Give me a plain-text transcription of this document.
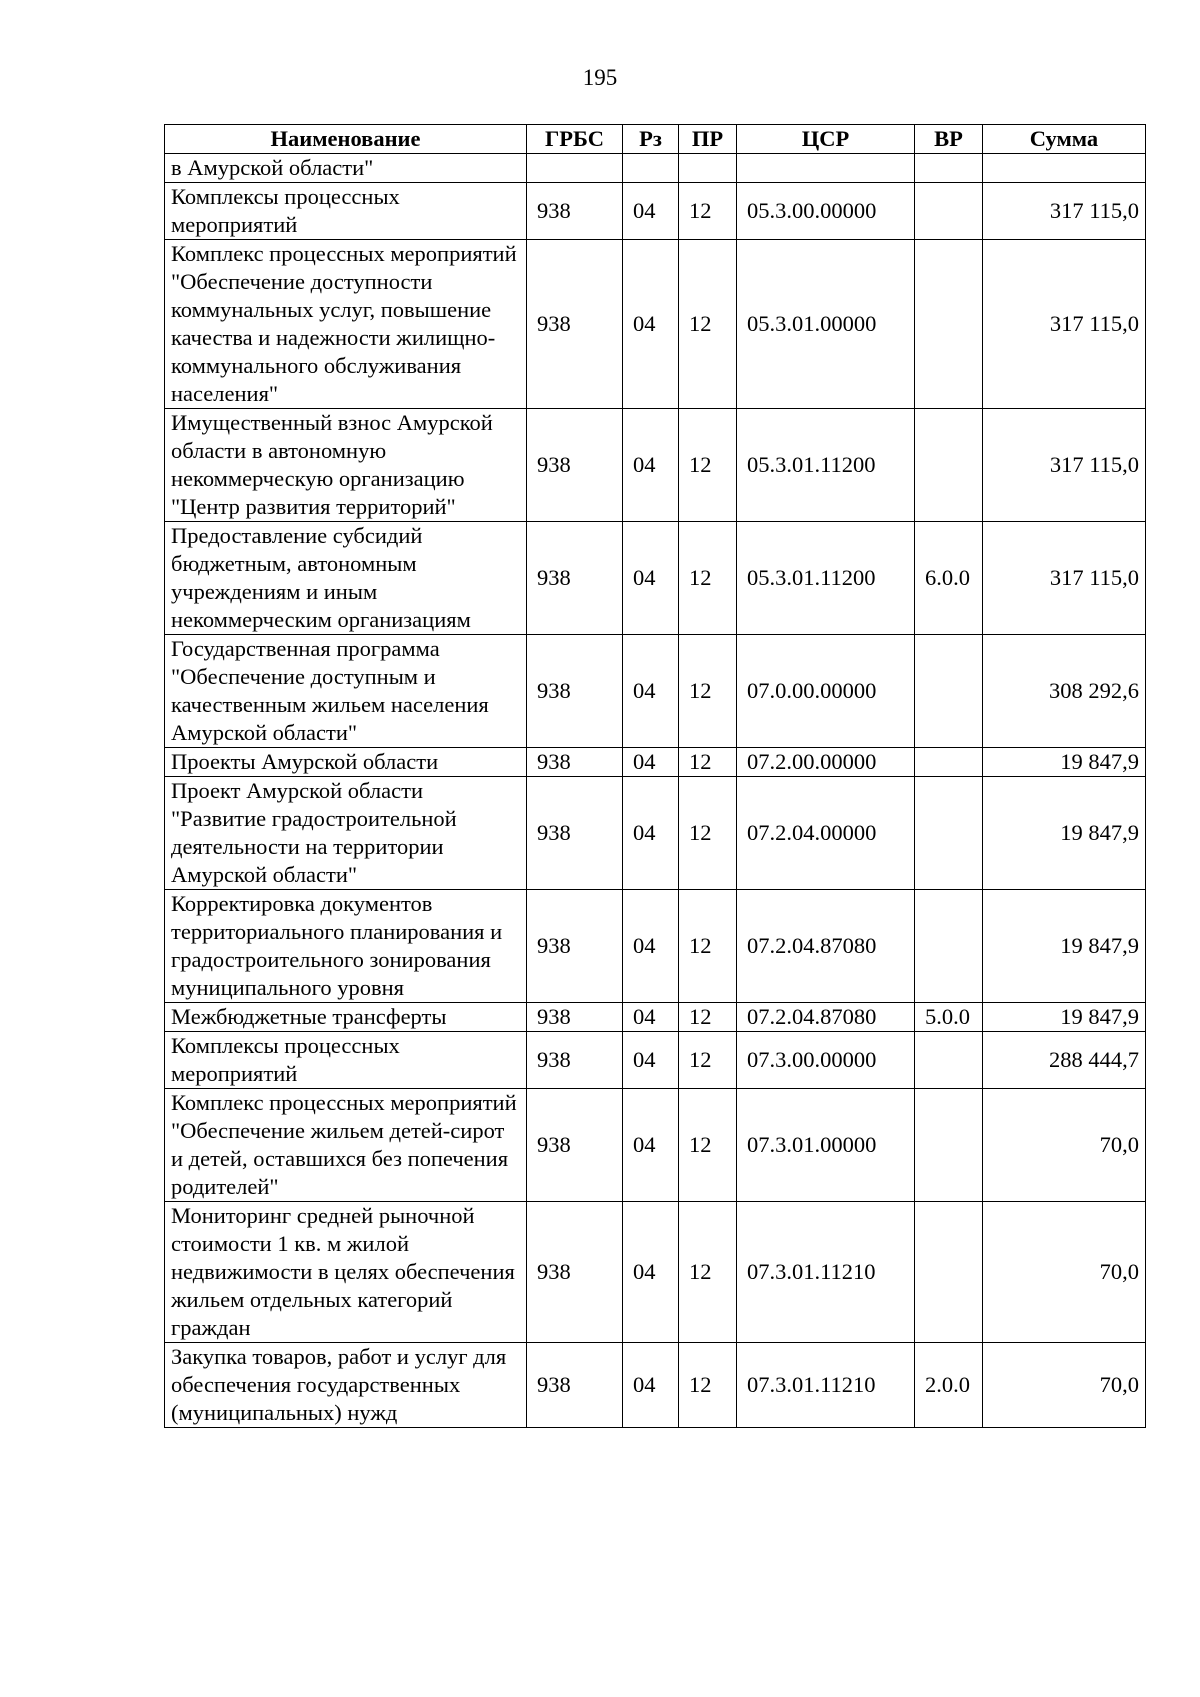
195
Наименование	ГРБС	Рз	ПР	ЦСР	ВР	Сумма
в Амурской области"						
Комплексы процессных мероприятий	938	04	12	05.3.00.00000		317 115,0
Комплекс процессных мероприятий "Обеспечение доступности коммунальных услуг, повышение качества и надежности жилищно-коммунального обслуживания населения"	938	04	12	05.3.01.00000		317 115,0
Имущественный взнос Амурской области в автономную некоммерческую организацию "Центр развития территорий"	938	04	12	05.3.01.11200		317 115,0
Предоставление субсидий бюджетным, автономным учреждениям и иным некоммерческим организациям	938	04	12	05.3.01.11200	6.0.0	317 115,0
Государственная программа "Обеспечение доступным и качественным жильем населения Амурской области"	938	04	12	07.0.00.00000		308 292,6
Проекты Амурской области	938	04	12	07.2.00.00000		19 847,9
Проект Амурской области "Развитие градостроительной деятельности на территории Амурской области"	938	04	12	07.2.04.00000		19 847,9
Корректировка документов территориального планирования и градостроительного зонирования муниципального уровня	938	04	12	07.2.04.87080		19 847,9
Межбюджетные трансферты	938	04	12	07.2.04.87080	5.0.0	19 847,9
Комплексы процессных мероприятий	938	04	12	07.3.00.00000		288 444,7
Комплекс процессных мероприятий "Обеспечение жильем детей-сирот и детей, оставшихся без попечения родителей"	938	04	12	07.3.01.00000		70,0
Мониторинг средней рыночной стоимости 1 кв. м жилой недвижимости в целях обеспечения жильем отдельных категорий граждан	938	04	12	07.3.01.11210		70,0
Закупка товаров, работ и услуг для обеспечения государственных (муниципальных) нужд	938	04	12	07.3.01.11210	2.0.0	70,0
